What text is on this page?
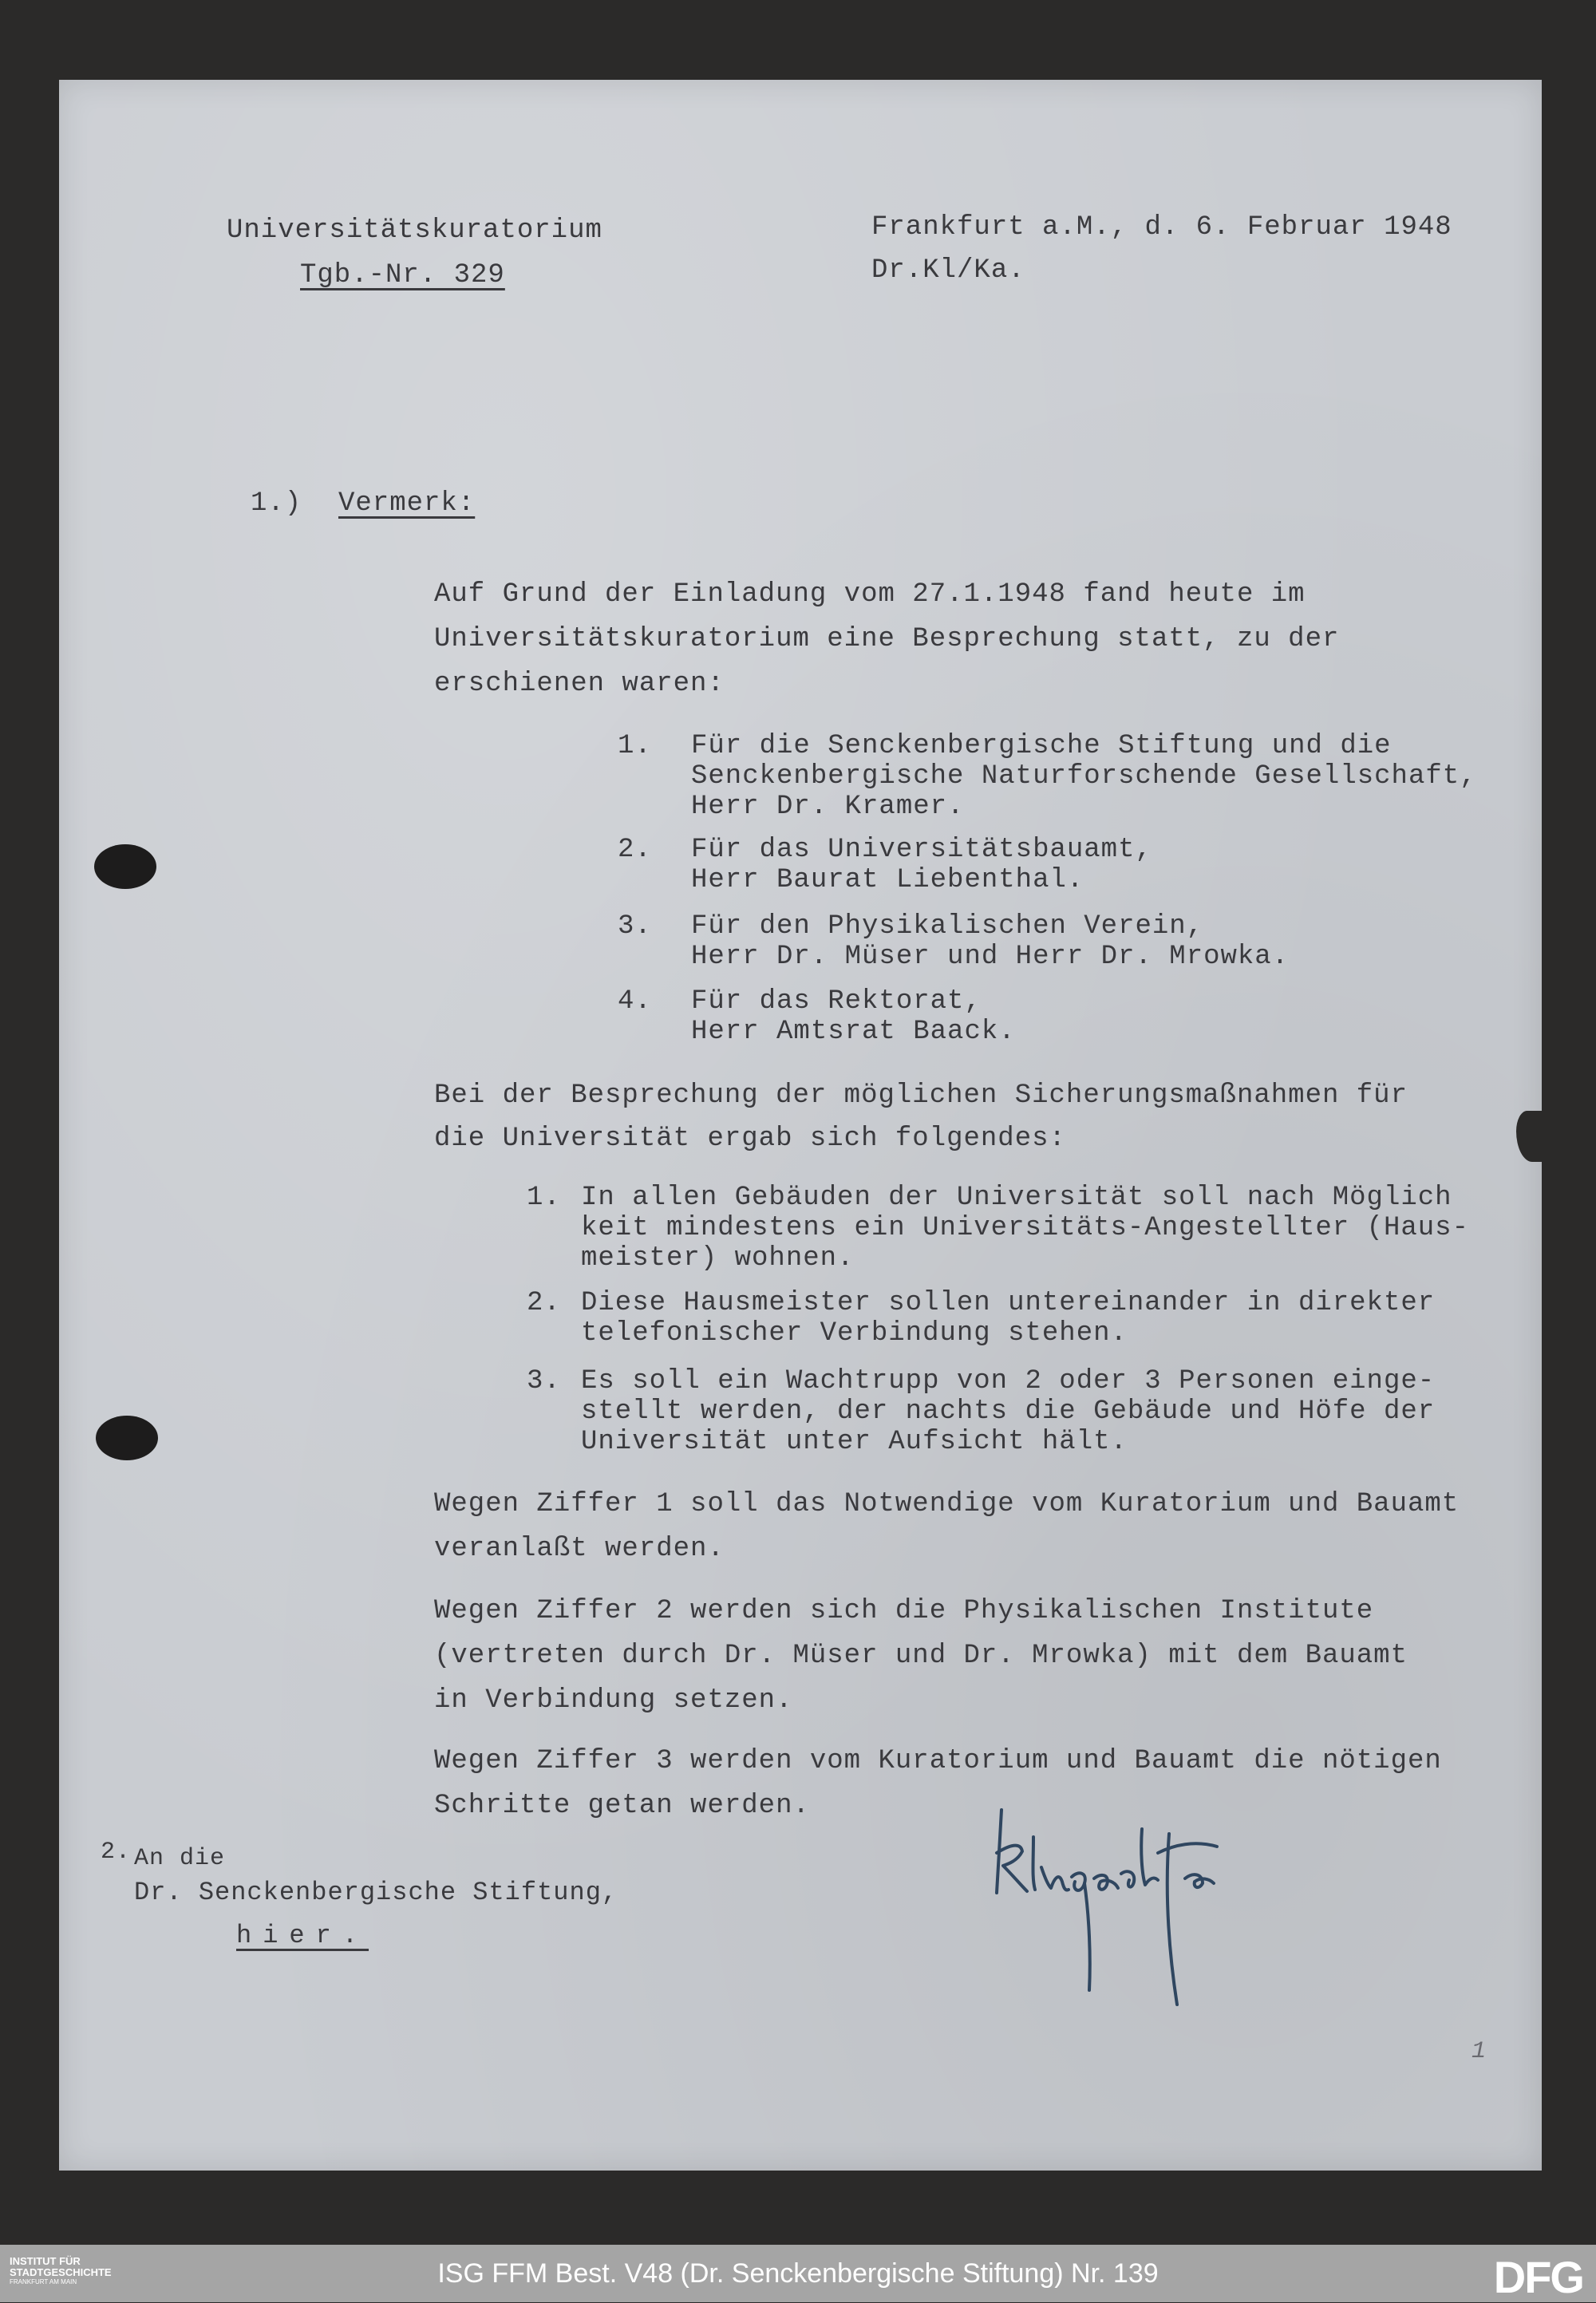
Universitätskuratorium
Tgb.-Nr. 329
Frankfurt a.M., d. 6. Februar 1948
Dr.Kl/Ka.
1.) Vermerk:
Auf Grund der Einladung vom 27.1.1948 fand heute im
Universitätskuratorium eine Besprechung statt, zu der
erschienen waren:
1. Für die Senckenbergische Stiftung und die
Senckenbergische Naturforschende Gesellschaft,
Herr Dr. Kramer.
2. Für das Universitätsbauamt,
Herr Baurat Liebenthal.
3. Für den Physikalischen Verein,
Herr Dr. Müser und Herr Dr. Mrowka.
4. Für das Rektorat,
Herr Amtsrat Baack.
Bei der Besprechung der möglichen Sicherungsmaßnahmen für
die Universität ergab sich folgendes:
1. In allen Gebäuden der Universität soll nach Möglich
keit mindestens ein Universitäts-Angestellter (Haus-
meister) wohnen.
2. Diese Hausmeister sollen untereinander in direkter
telefonischer Verbindung stehen.
3. Es soll ein Wachtrupp von 2 oder 3 Personen einge-
stellt werden, der nachts die Gebäude und Höfe der
Universität unter Aufsicht hält.
Wegen Ziffer 1 soll das Notwendige vom Kuratorium und Bauamt
veranlaßt werden.
Wegen Ziffer 2 werden sich die Physikalischen Institute
(vertreten durch Dr. Müser und Dr. Mrowka) mit dem Bauamt
in Verbindung setzen.
Wegen Ziffer 3 werden vom Kuratorium und Bauamt die nötigen
Schritte getan werden.
2. An die
Dr. Senckenbergische Stiftung,
hier.
1
INSTITUT FÜR
STADTGESCHICHTE
FRANKFURT AM MAIN	ISG FFM Best. V48 (Dr. Senckenbergische Stiftung) Nr. 139	DFG
